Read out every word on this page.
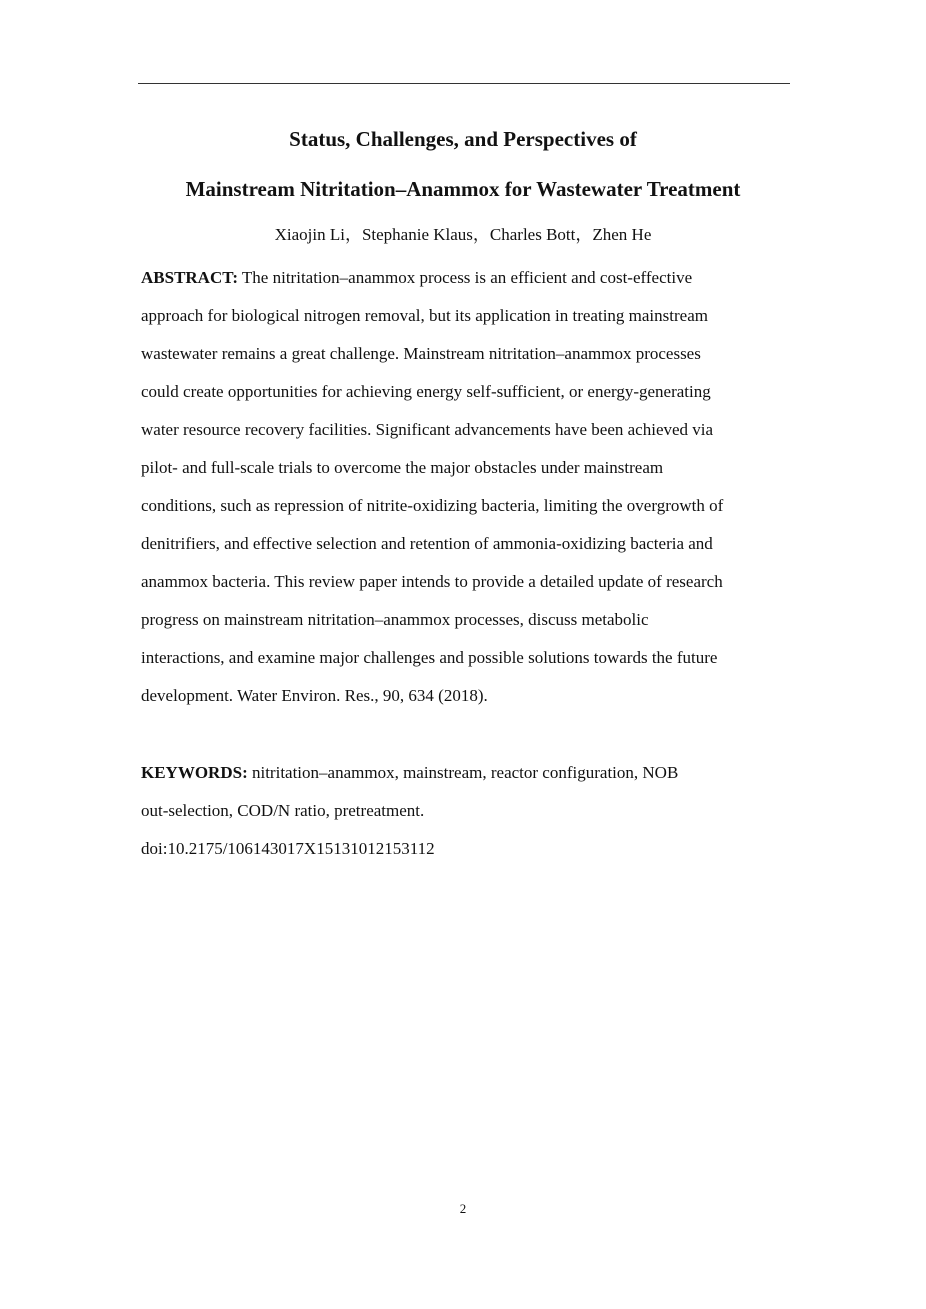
Status, Challenges, and Perspectives of
Mainstream Nitritation–Anammox for Wastewater Treatment
Xiaojin Li，Stephanie Klaus，Charles Bott，Zhen He
ABSTRACT: The nitritation–anammox process is an efficient and cost-effective
approach for biological nitrogen removal, but its application in treating mainstream
wastewater remains a great challenge. Mainstream nitritation–anammox processes
could create opportunities for achieving energy self-sufficient, or energy-generating
water resource recovery facilities. Significant advancements have been achieved via
pilot- and full-scale trials to overcome the major obstacles under mainstream
conditions, such as repression of nitrite-oxidizing bacteria, limiting the overgrowth of
denitrifiers, and effective selection and retention of ammonia-oxidizing bacteria and
anammox bacteria. This review paper intends to provide a detailed update of research
progress on mainstream nitritation–anammox processes, discuss metabolic
interactions, and examine major challenges and possible solutions towards the future
development. Water Environ. Res., 90, 634 (2018).
KEYWORDS: nitritation–anammox, mainstream, reactor configuration, NOB
out-selection, COD/N ratio, pretreatment.
doi:10.2175/106143017X15131012153112
2
